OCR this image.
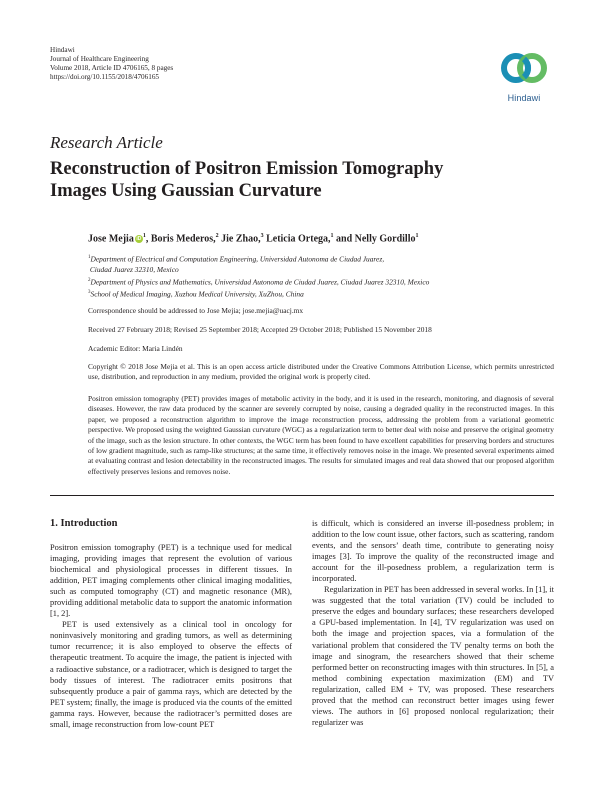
Hindawi
Journal of Healthcare Engineering
Volume 2018, Article ID 4706165, 8 pages
https://doi.org/10.1155/2018/4706165
Hindawi
Research Article
Reconstruction of Positron Emission Tomography
Images Using Gaussian Curvature
Jose Mejia $iD^1$, Boris Mederos,$^2$ Jie Zhao,$^3$ Leticia Ortega,$^1$ and Nelly Gordillo$^1$
$^1$Department of Electrical and Computation Engineering, Universidad Autonoma de Ciudad Juarez,
Ciudad Juarez 32310, Mexico
$^2$Department of Physics and Mathematics, Universidad Autonoma de Ciudad Juarez, Ciudad Juarez 32310, Mexico
$^3$School of Medical Imaging, Xuzhou Medical University, XuZhou, China
Correspondence should be addressed to Jose Mejia; jose.mejia@uacj.mx
Received 27 February 2018; Revised 25 September 2018; Accepted 29 October 2018; Published 15 November 2018
Academic Editor: Maria Lindén
Copyright © 2018 Jose Mejia et al. This is an open access article distributed under the Creative Commons Attribution License, which permits unrestricted use, distribution, and reproduction in any medium, provided the original work is properly cited.
Positron emission tomography (PET) provides images of metabolic activity in the body, and it is used in the research, monitoring, and diagnosis of several diseases. However, the raw data produced by the scanner are severely corrupted by noise, causing a degraded quality in the reconstructed images. In this paper, we proposed a reconstruction algorithm to improve the image reconstruction process, addressing the problem from a variational geometric perspective. We proposed using the weighted Gaussian curvature (WGC) as a regularization term to better deal with noise and preserve the original geometry of the image, such as the lesion structure. In other contexts, the WGC term has been found to have excellent capabilities for preserving borders and structures of low gradient magnitude, such as ramp-like structures; at the same time, it effectively removes noise in the image. We presented several experiments aimed at evaluating contrast and lesion detectability in the reconstructed images. The results for simulated images and real data showed that our proposed algorithm effectively preserves lesions and removes noise.
1. Introduction

Positron emission tomography (PET) is a technique used for medical imaging, providing images that represent the evolution of various biochemical and physiological processes in different tissues. In addition, PET imaging complements other clinical imaging modalities, such as computed tomography (CT) and magnetic resonance (MR), providing additional metabolic data to support the anatomic information [1, 2].

PET is used extensively as a clinical tool in oncology for noninvasively monitoring and grading tumors, as well as determining tumor recurrence; it is also employed to observe the effects of therapeutic treatment. To acquire the image, the patient is injected with a radioactive substance, or a radiotracer, which is designed to target the body tissues of interest. The radiotracer emits positrons that subsequently produce a pair of gamma rays, which are detected by the PET system; finally, the image is produced via the counts of the emitted gamma rays. However, because the radiotracer’s permitted doses are small, image reconstruction from low-count PET

is difficult, which is considered an inverse ill-posedness problem; in addition to the low count issue, other factors, such as scattering, random events, and the sensors’ death time, contribute to generating noisy images [3]. To improve the quality of the reconstructed image and account for the ill-posedness problem, a regularization term is incorporated.

Regularization in PET has been addressed in several works. In [1], it was suggested that the total variation (TV) could be included to preserve the edges and boundary surfaces; these researchers developed a GPU-based implementation. In [4], TV regularization was used on both the image and projection spaces, via a formulation of the variational problem that considered the TV penalty terms on both the image and sinogram, the researchers showed that their scheme performed better on reconstructing images with thin structures. In [5], a method combining expectation maximization (EM) and TV regularization, called EM + TV, was proposed. These researchers proved that the method can reconstruct better images using fewer views. The authors in [6] proposed nonlocal regularization; their regularizer was
